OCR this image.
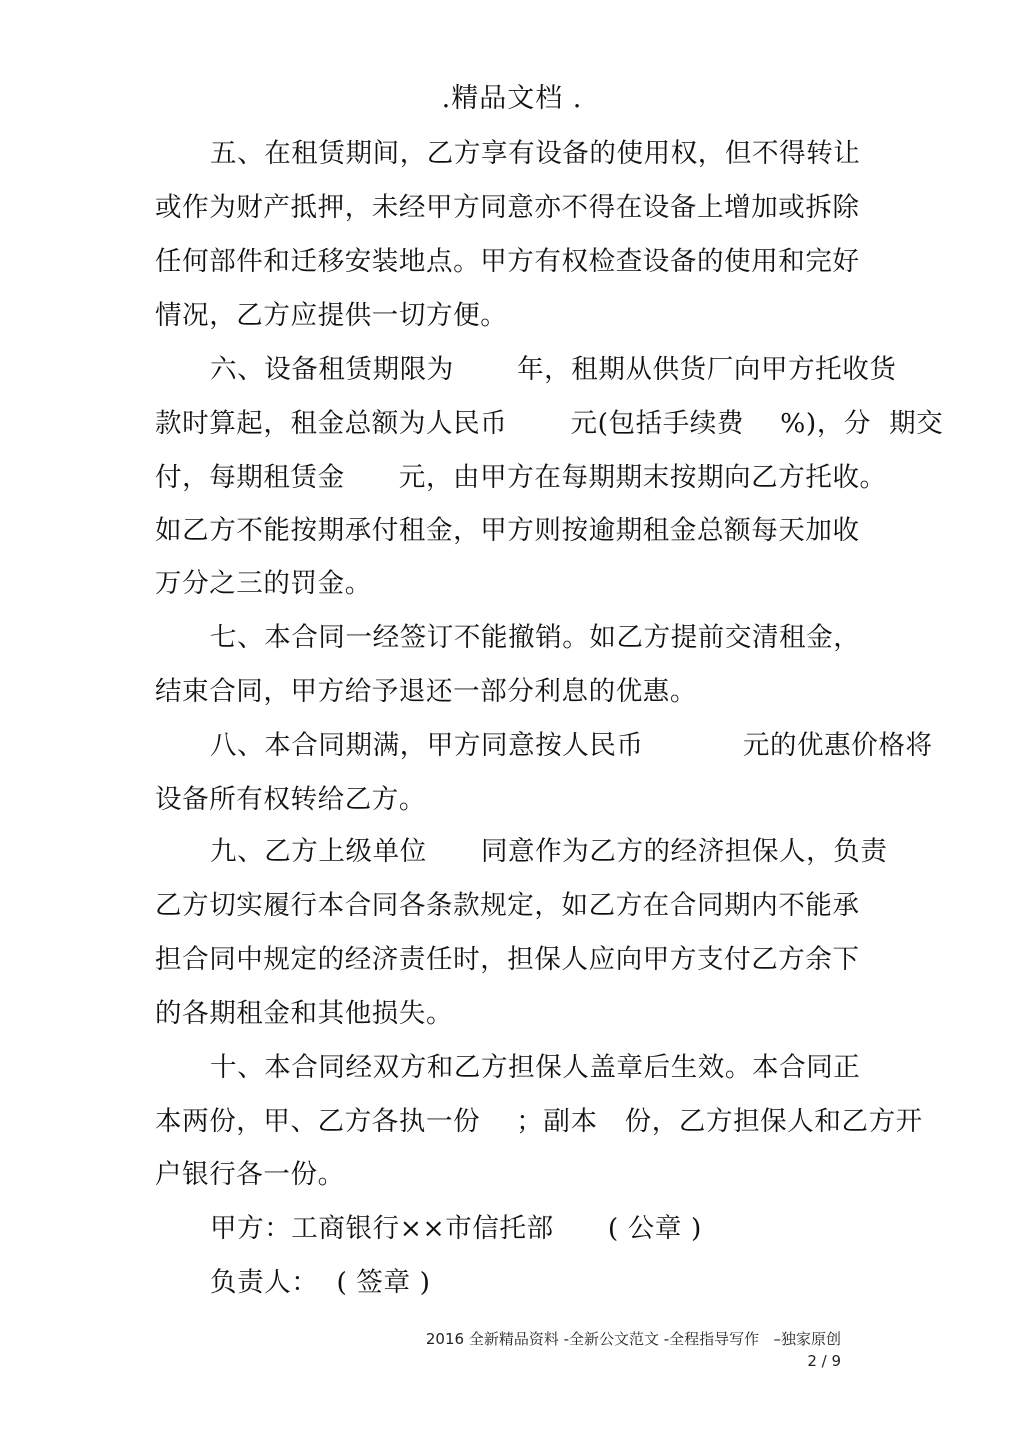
.精品文档 .
五、在租赁期间，乙方享有设备的使用权，但不得转让
或作为财产抵押，未经甲方同意亦不得在设备上增加或拆除
任何部件和迁移安装地点。甲方有权检查设备的使用和完好
情况，乙方应提供一切方便。
六、设备租赁期限为       年，租期从供货厂向甲方托收货
款时算起，租金总额为人民币       元(包括手续费    %)，分  期交
付，每期租赁金      元，由甲方在每期期末按期向乙方托收。
如乙方不能按期承付租金，甲方则按逾期租金总额每天加收
万分之三的罚金。
七、本合同一经签订不能撤销。如乙方提前交清租金，
结束合同，甲方给予退还一部分利息的优惠。
八、本合同期满，甲方同意按人民币           元的优惠价格将
设备所有权转给乙方。
九、乙方上级单位      同意作为乙方的经济担保人，负责
乙方切实履行本合同各条款规定，如乙方在合同期内不能承
担合同中规定的经济责任时，担保人应向甲方支付乙方余下
的各期租金和其他损失。
十、本合同经双方和乙方担保人盖章后生效。本合同正
本两份，甲、乙方各执一份    ；副本   份，乙方担保人和乙方开
户银行各一份。
甲方：工商银行××市信托部      ( 公章 )
负责人：  ( 签章 )
2016 全新精品资料 -全新公文范文 -全程指导写作   –独家原创
2 / 9
